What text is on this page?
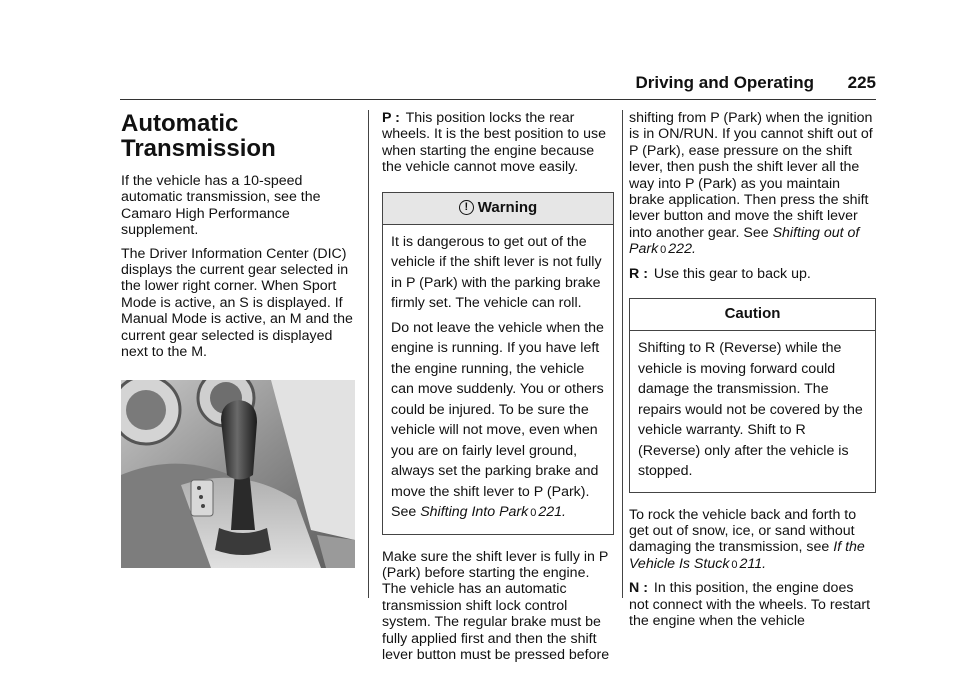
Driving and Operating 225
Automatic
Transmission

If the vehicle has a 10-speed automatic transmission, see the Camaro High Performance supplement.

The Driver Information Center (DIC) displays the current gear selected in the lower right corner. When Sport Mode is active, an S is displayed. If Manual Mode is active, an M and the current gear selected is displayed next to the M.

P : This position locks the rear wheels. It is the best position to use when starting the engine because the vehicle cannot move easily.

! Warning

It is dangerous to get out of the vehicle if the shift lever is not fully in P (Park) with the parking brake firmly set. The vehicle can roll.

Do not leave the vehicle when the engine is running. If you have left the engine running, the vehicle can move suddenly. You or others could be injured. To be sure the vehicle will not move, even when you are on fairly level ground, always set the parking brake and move the shift lever to P (Park). See Shifting Into Park 0 221.

Make sure the shift lever is fully in P (Park) before starting the engine. The vehicle has an automatic transmission shift lock control system. The regular brake must be fully applied first and then the shift lever button must be pressed before

shifting from P (Park) when the ignition is in ON/RUN. If you cannot shift out of P (Park), ease pressure on the shift lever, then push the shift lever all the way into P (Park) as you maintain brake application. Then press the shift lever button and move the shift lever into another gear. See Shifting out of Park 0 222.

R : Use this gear to back up.

Caution

Shifting to R (Reverse) while the vehicle is moving forward could damage the transmission. The repairs would not be covered by the vehicle warranty. Shift to R (Reverse) only after the vehicle is stopped.

To rock the vehicle back and forth to get out of snow, ice, or sand without damaging the transmission, see If the Vehicle Is Stuck 0 211.

N : In this position, the engine does not connect with the wheels. To restart the engine when the vehicle
